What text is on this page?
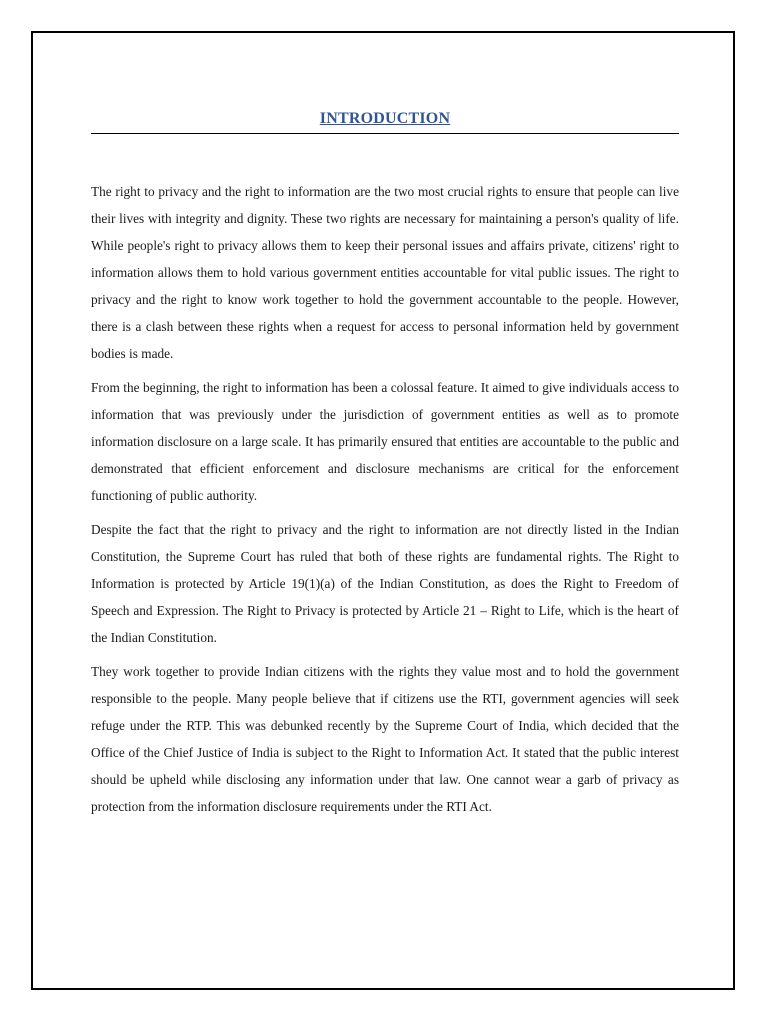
INTRODUCTION

The right to privacy and the right to information are the two most crucial rights to ensure that people can live their lives with integrity and dignity. These two rights are necessary for maintaining a person's quality of life. While people's right to privacy allows them to keep their personal issues and affairs private, citizens' right to information allows them to hold various government entities accountable for vital public issues. The right to privacy and the right to know work together to hold the government accountable to the people. However, there is a clash between these rights when a request for access to personal information held by government bodies is made.

From the beginning, the right to information has been a colossal feature. It aimed to give individuals access to information that was previously under the jurisdiction of government entities as well as to promote information disclosure on a large scale. It has primarily ensured that entities are accountable to the public and demonstrated that efficient enforcement and disclosure mechanisms are critical for the enforcement functioning of public authority.

Despite the fact that the right to privacy and the right to information are not directly listed in the Indian Constitution, the Supreme Court has ruled that both of these rights are fundamental rights. The Right to Information is protected by Article 19(1)(a) of the Indian Constitution, as does the Right to Freedom of Speech and Expression. The Right to Privacy is protected by Article 21 – Right to Life, which is the heart of the Indian Constitution.

They work together to provide Indian citizens with the rights they value most and to hold the government responsible to the people. Many people believe that if citizens use the RTI, government agencies will seek refuge under the RTP. This was debunked recently by the Supreme Court of India, which decided that the Office of the Chief Justice of India is subject to the Right to Information Act. It stated that the public interest should be upheld while disclosing any information under that law. One cannot wear a garb of privacy as protection from the information disclosure requirements under the RTI Act.
